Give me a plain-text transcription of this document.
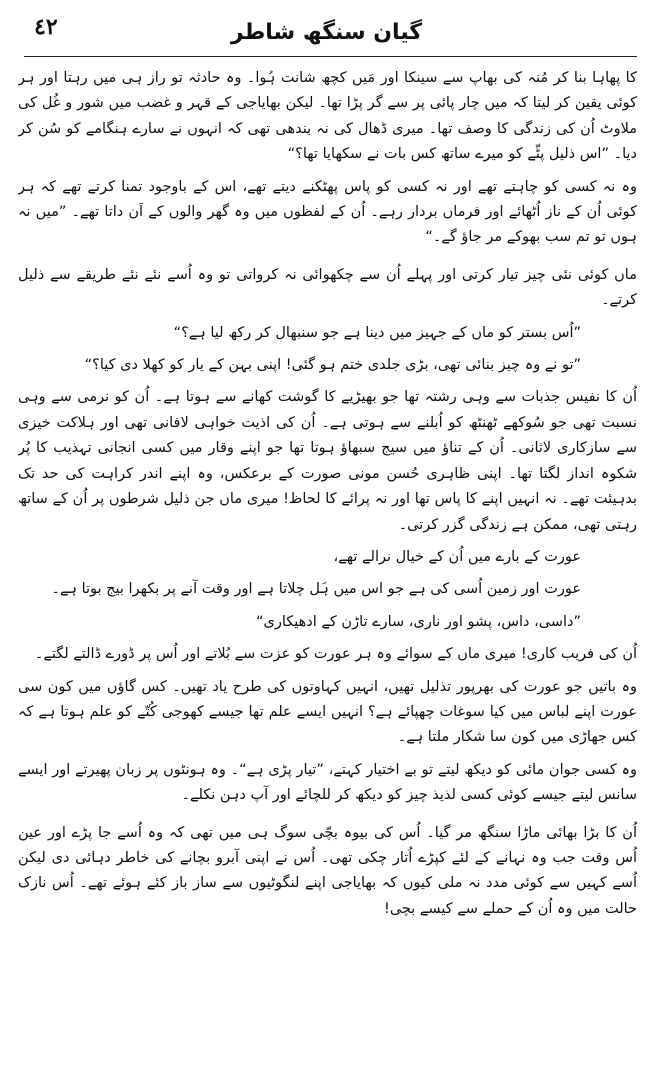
٤٢	گیان سنگھ شاطر

کا پھاہا بنا کر مُنہ کی بھاپ سے سینکا اور مَیں کچھ شانت ہُوا۔ وہ حادثہ تو راز ہی میں رہتا اور ہر کوئی یقین کر لیتا کہ میں چار پائی پر سے گر پڑا تھا۔ لیکن بھایاجی کے قہر و غضب میں شور و غُل کی ملاوٹ اُن کی زندگی کا وصف تھا۔ میری ڈھال کی نہ بندھی تھی کہ انہوں نے سارے ہنگامے کو سُن کر دیا۔ ”اس ذلیل پٹّے کو میرے ساتھ کس بات نے سکھایا تھا؟“

وہ نہ کسی کو چاہتے تھے اور نہ کسی کو پاس پھٹکنے دیتے تھے، اس کے باوجود تمنا کرتے تھے کہ ہر کوئی اُن کے ناز اُٹھائے اور فرماں بردار رہے۔ اُن کے لفظوں میں وہ گھر والوں کے اَن داتا تھے۔ ”میں نہ ہوں تو تم سب بھوکے مر جاؤ گے۔“

ماں کوئی نئی چیز تیار کرتی اور پہلے اُن سے چکھوائی نہ کرواتی تو وہ اُسے نئے نئے طریقے سے ذلیل کرتے۔

”اُس بستر کو ماں کے جہیز میں دینا ہے جو سنبھال کر رکھ لیا ہے؟“

”تو نے وہ چیز بنائی تھی، بڑی جلدی ختم ہو گئی! اپنی بہن کے یار کو کھلا دی کیا؟“

اُن کا نفیس جذبات سے وہی رشتہ تھا جو بھیڑیے کا گوشت کھانے سے ہوتا ہے۔ اُن کو نرمی سے وہی نسبت تھی جو سُوکھے ٹھنٹھ کو اُبلنے سے ہوتی ہے۔ اُن کی اذیت خواہی لافانی تھی اور ہلاکت خیزی سے سازکاری لاثانی۔ اُن کے تناؤ میں سیج سبھاؤ ہوتا تھا جو اپنے وقار میں کسی انجانی تہذیب کا پُر شکوہ انداز لگتا تھا۔ اپنی ظاہری حُسن مونی صورت کے برعکس، وہ اپنے اندر کراہت کی حد تک بدہیئت تھے۔ نہ انہیں اپنے کا پاس تھا اور نہ پرائے کا لحاظ! میری ماں جن ذلیل شرطوں پر اُن کے ساتھ رہتی تھی، ممکن ہے زندگی گزر کرتی۔

عورت کے بارے میں اُن کے خیال نرالے تھے،

عورت اور زمین اُسی کی ہے جو اس میں ہَل چلاتا ہے اور وقت آنے پر بکھرا بیج بوتا ہے۔

”داسی، داس، پشو اور ناری، سارے تاڑن کے ادھیکاری“

اُن کی فریب کاری! میری ماں کے سوائے وہ ہر عورت کو عزت سے بُلاتے اور اُس پر ڈورے ڈالتے لگتے۔

وہ باتیں جو عورت کی بھرپور تذلیل تھیں، انہیں کہاوتوں کی طرح یاد تھیں۔ کس گاؤں میں کون سی عورت اپنے لباس میں کیا سوغات چھپائے ہے؟ انہیں ایسے علم تھا جیسے کھوجی کُتّے کو علم ہوتا ہے کہ کس جھاڑی میں کون سا شکار ملتا ہے۔

وہ کسی جوان مائی کو دیکھ لیتے تو بے اختیار کہتے، ”تیار پڑی ہے“۔ وہ ہونٹوں پر زبان پھیرتے اور ایسے سانس لیتے جیسے کوئی کسی لذیذ چیز کو دیکھ کر للچائے اور آپ دہن نکلے۔

اُن کا بڑا بھائی ماڑا سنگھ مر گیا۔ اُس کی بیوہ بچّی سوگ ہی میں تھی کہ وہ اُسے جا پڑے اور عین اُس وقت جب وہ نہانے کے لئے کپڑے اُتار چکی تھی۔ اُس نے اپنی آبرو بچانے کی خاطر دہائی دی لیکن اُسے کہیں سے کوئی مدد نہ ملی کیوں کہ بھایاجی اپنے لنگوٹیوں سے ساز باز کئے ہوئے تھے۔ اُس نازک حالت میں وہ اُن کے حملے سے کیسے بچی!
